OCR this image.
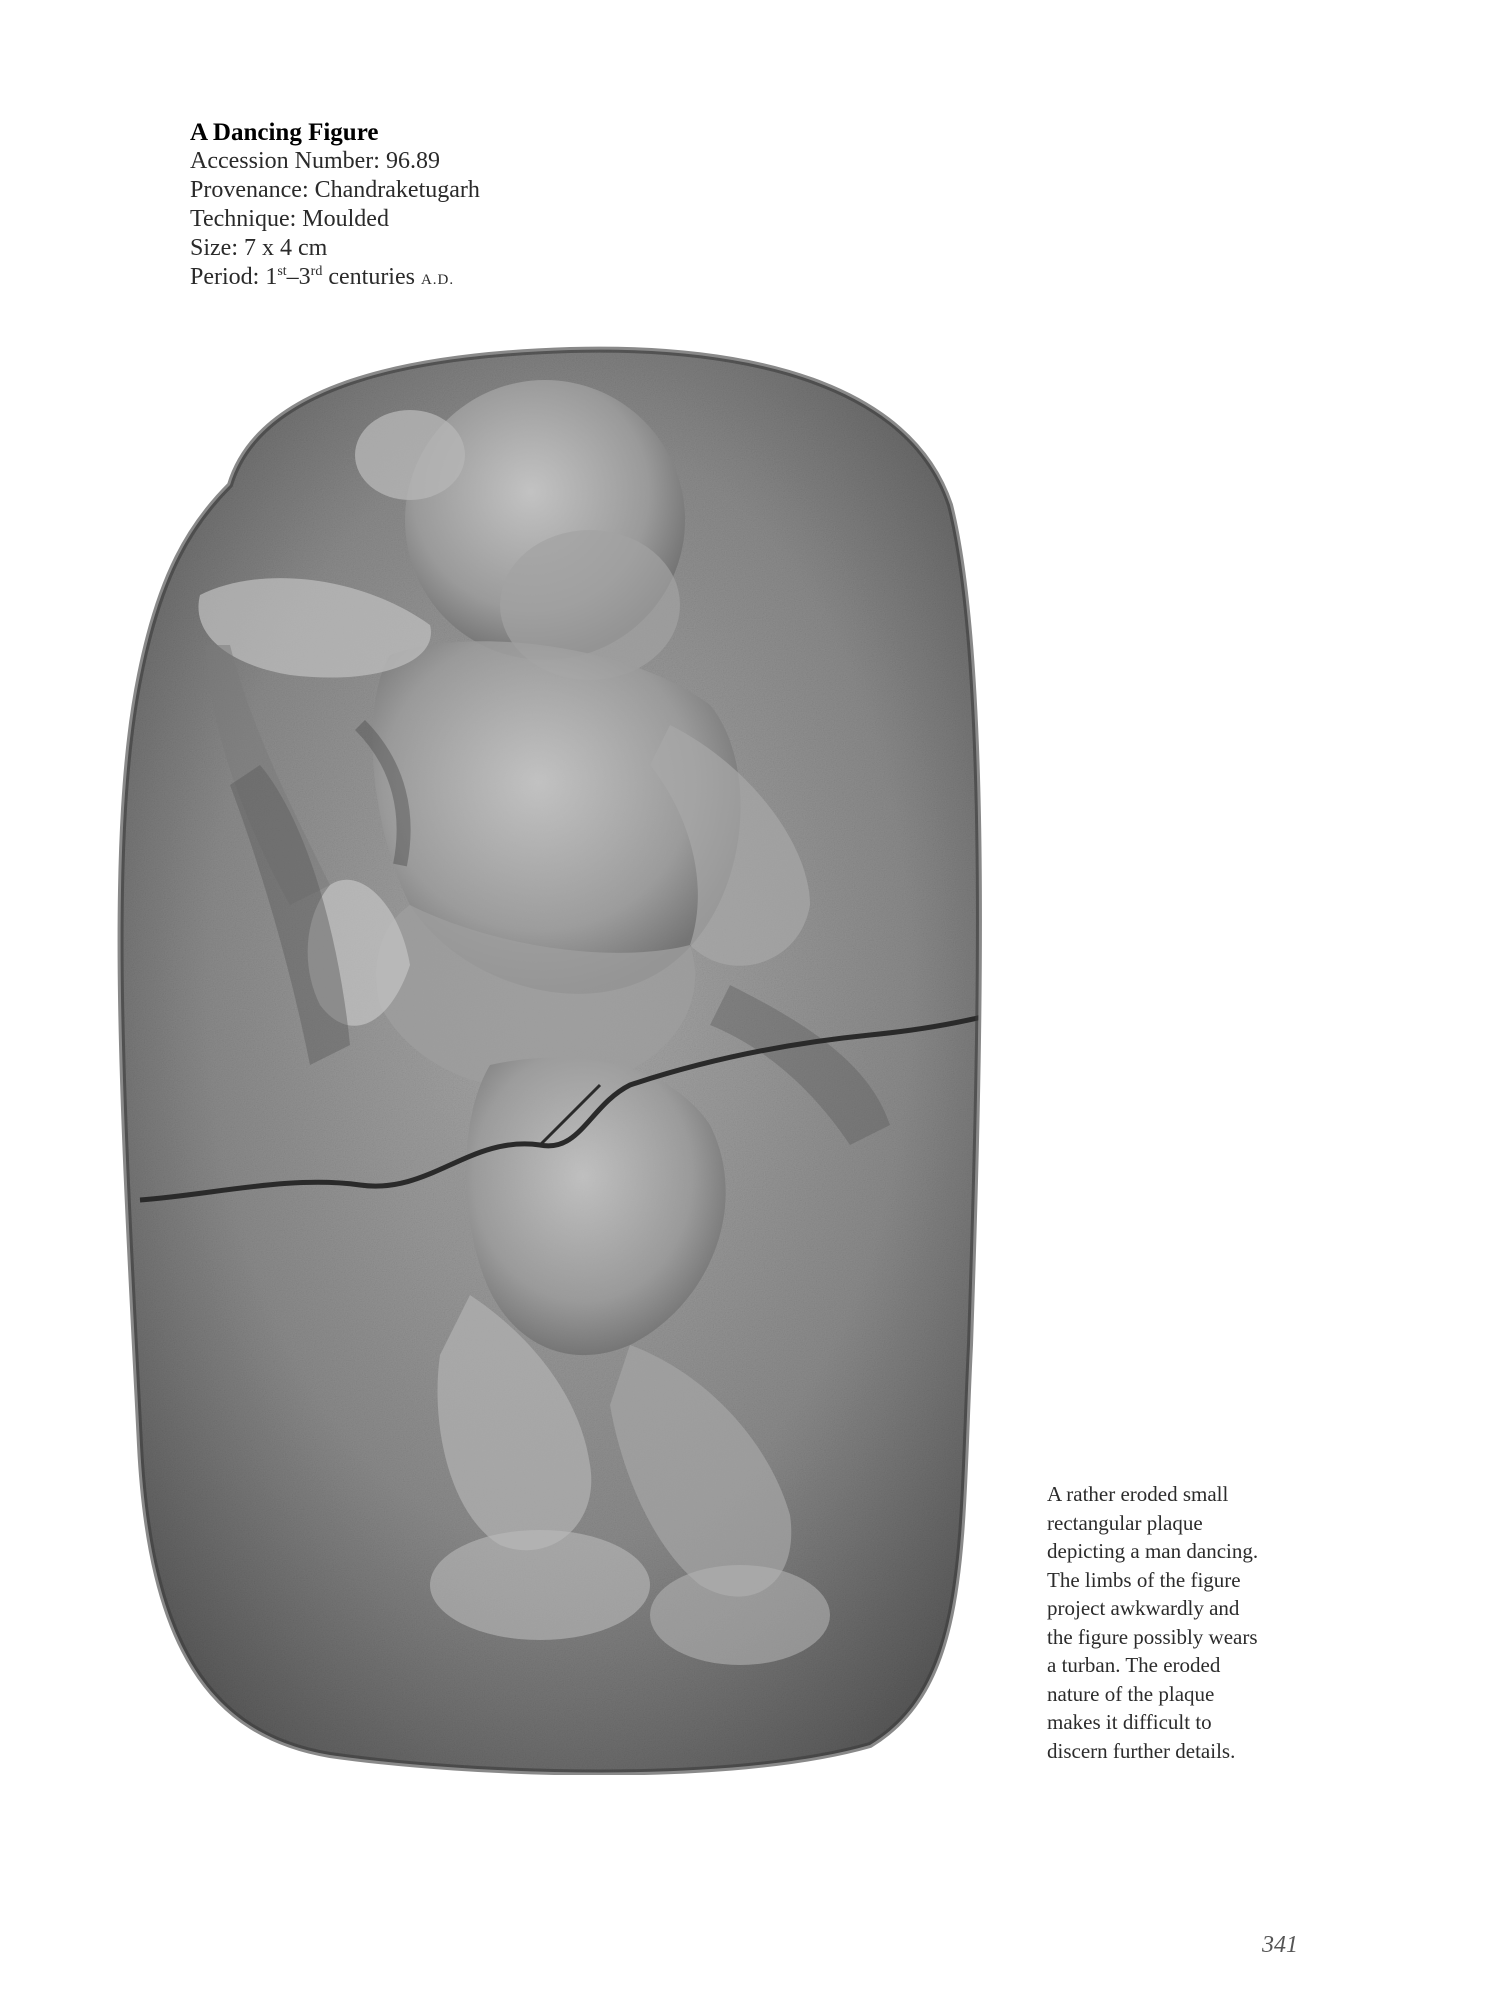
A Dancing Figure
Accession Number: 96.89
Provenance: Chandraketugarh
Technique: Moulded
Size: 7 x 4 cm
Period: 1st–3rd centuries A.D.
A rather eroded small
rectangular plaque
depicting a man dancing.
The limbs of the figure
project awkwardly and
the figure possibly wears
a turban. The eroded
nature of the plaque
makes it difficult to
discern further details.
341
